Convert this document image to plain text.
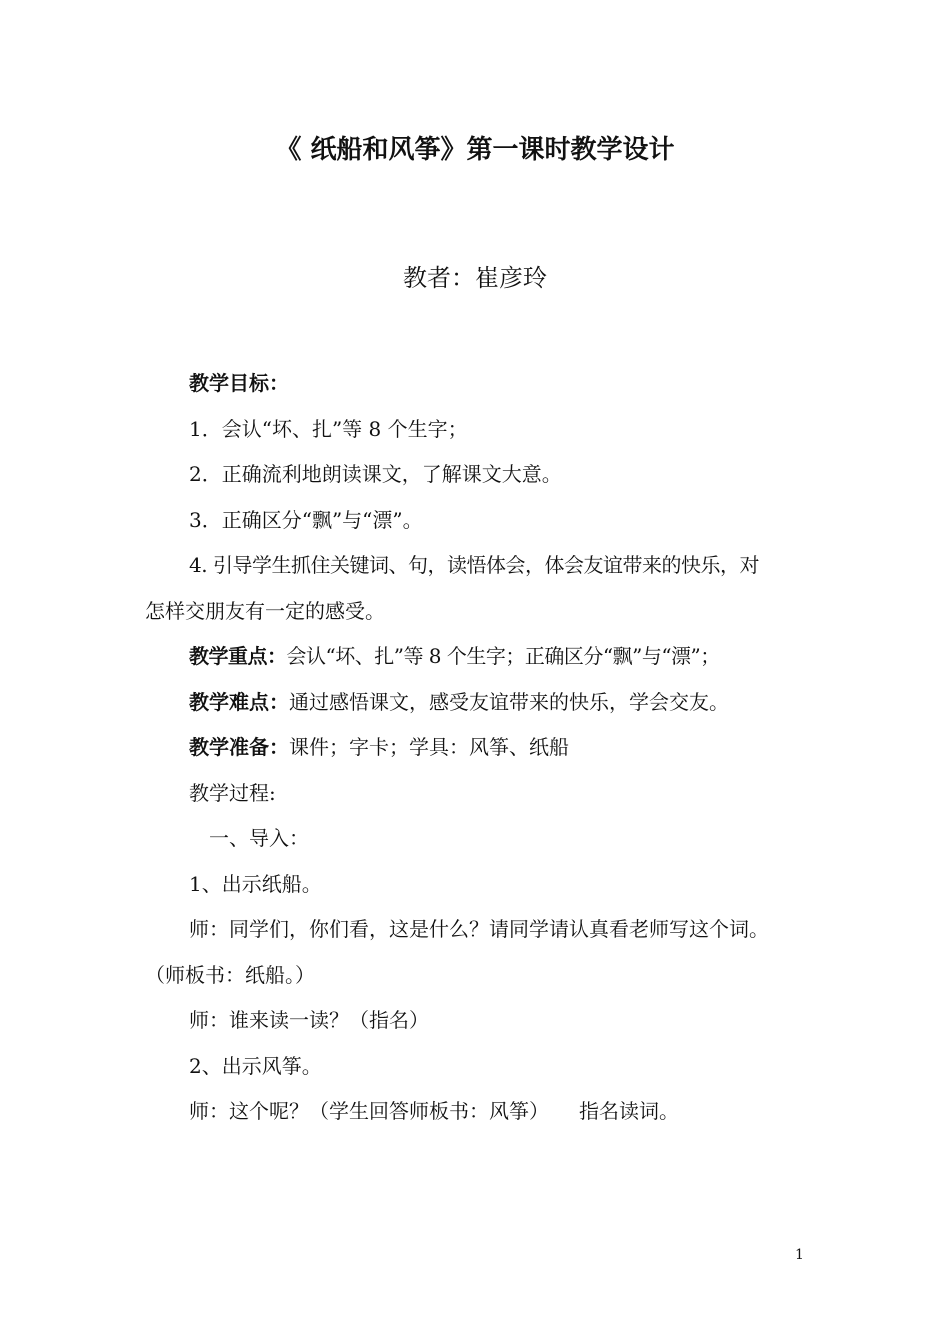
《 纸船和风筝》第一课时教学设计
教者：崔彦玲
教学目标：
1．会认“坏、扎”等 8 个生字；
2．正确流利地朗读课文，了解课文大意。
3．正确区分“飘”与“漂”。
4. 引导学生抓住关键词、句，读悟体会，体会友谊带来的快乐，对
怎样交朋友有一定的感受。
教学重点：会认“坏、扎”等 8 个生字；正确区分“飘”与“漂”；
教学难点：通过感悟课文，感受友谊带来的快乐，学会交友。
教学准备：课件；字卡；学具：风筝、纸船
教学过程:
一、导入：
1、出示纸船。
师：同学们，你们看，这是什么？请同学请认真看老师写这个词。
（师板书：纸船。）
师：谁来读一读？（指名）
2、出示风筝。
师：这个呢？（学生回答师板书：风筝） 指名读词。
1
